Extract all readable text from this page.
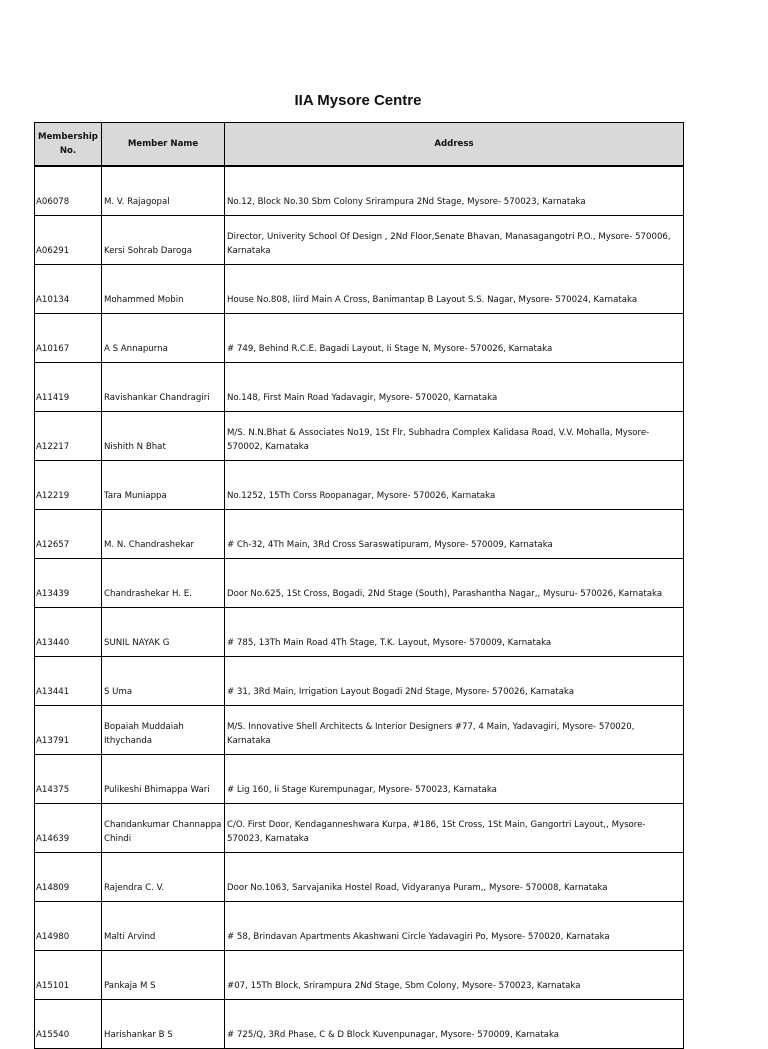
IIA Mysore Centre
Membership No.	Member Name	Address
A06078	M. V. Rajagopal	No.12, Block No.30 Sbm Colony Srirampura 2Nd Stage, Mysore- 570023, Karnataka
A06291	Kersi Sohrab Daroga	Director, Univerity School Of Design , 2Nd Floor,Senate Bhavan, Manasagangotri P.O., Mysore- 570006, Karnataka
A10134	Mohammed Mobin	House No.808, Iiird Main A Cross, Banimantap B Layout S.S. Nagar, Mysore- 570024, Karnataka
A10167	A S Annapurna	# 749, Behind R.C.E. Bagadi Layout, Ii Stage N, Mysore- 570026, Karnataka
A11419	Ravishankar Chandragiri	No.148, First Main Road Yadavagir, Mysore- 570020, Karnataka
A12217	Nishith N Bhat	M/S. N.N.Bhat & Associates No19, 1St Flr, Subhadra Complex Kalidasa Road, V.V. Mohalla, Mysore- 570002, Karnataka
A12219	Tara Muniappa	No.1252, 15Th Corss Roopanagar, Mysore- 570026, Karnataka
A12657	M. N. Chandrashekar	# Ch-32, 4Th Main, 3Rd Cross Saraswatipuram, Mysore- 570009, Karnataka
A13439	Chandrashekar H. E.	Door No.625, 1St Cross, Bogadi, 2Nd Stage (South), Parashantha Nagar,, Mysuru- 570026, Karnataka
A13440	SUNIL NAYAK G	# 785, 13Th Main Road 4Th Stage, T.K. Layout, Mysore- 570009, Karnataka
A13441	S Uma	# 31, 3Rd Main, Irrigation Layout Bogadi 2Nd Stage, Mysore- 570026, Karnataka
A13791	Bopaiah Muddaiah Ithychanda	M/S. Innovative Shell Architects & Interior Designers #77, 4 Main, Yadavagiri, Mysore- 570020, Karnataka
A14375	Pulikeshi Bhimappa Wari	# Lig 160, Ii Stage Kurempunagar, Mysore- 570023, Karnataka
A14639	Chandankumar Channappa Chindi	C/O. First Door, Kendaganneshwara Kurpa, #186, 1St Cross, 1St Main, Gangortri Layout,, Mysore- 570023, Karnataka
A14809	Rajendra C. V.	Door No.1063, Sarvajanika Hostel Road, Vidyaranya Puram,, Mysore- 570008, Karnataka
A14980	Malti Arvind	# 58, Brindavan Apartments Akashwani Circle Yadavagiri Po, Mysore- 570020, Karnataka
A15101	Pankaja M S	#07, 15Th Block, Srirampura 2Nd Stage, Sbm Colony, Mysore- 570023, Karnataka
A15540	Harishankar B S	# 725/Q, 3Rd Phase, C & D Block Kuvenpunagar, Mysore- 570009, Karnataka
